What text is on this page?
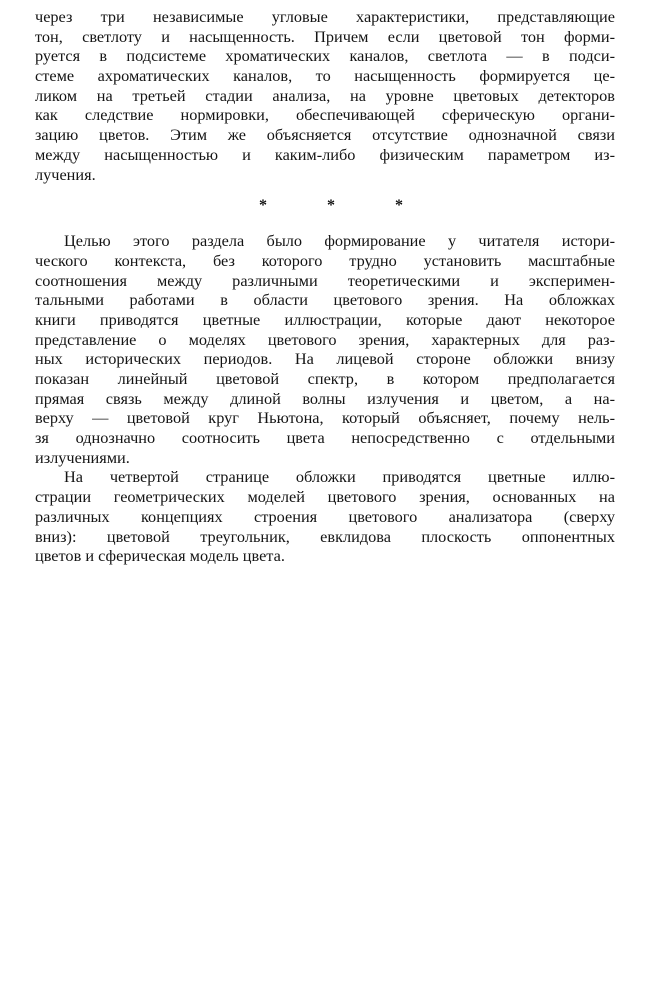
через три независимые угловые характеристики, представляющие
тон, светлоту и насыщенность. Причем если цветовой тон форми-
руется в подсистеме хроматических каналов, светлота — в подси-
стеме ахроматических каналов, то насыщенность формируется це-
ликом на третьей стадии анализа, на уровне цветовых детекторов
как следствие нормировки, обеспечивающей сферическую органи-
зацию цветов. Этим же объясняется отсутствие однозначной связи
между насыщенностью и каким-либо физическим параметром из-
лучения.
* * *
Целью этого раздела было формирование у читателя истори-
ческого контекста, без которого трудно установить масштабные
соотношения между различными теоретическими и эксперимен-
тальными работами в области цветового зрения. На обложках
книги приводятся цветные иллюстрации, которые дают некоторое
представление о моделях цветового зрения, характерных для раз-
ных исторических периодов. На лицевой стороне обложки внизу
показан линейный цветовой спектр, в котором предполагается
прямая связь между длиной волны излучения и цветом, а на-
верху — цветовой круг Ньютона, который объясняет, почему нель-
зя однозначно соотносить цвета непосредственно с отдельными
излучениями.
На четвертой странице обложки приводятся цветные иллю-
страции геометрических моделей цветового зрения, основанных на
различных концепциях строения цветового анализатора (сверху
вниз): цветовой треугольник, евклидова плоскость оппонентных
цветов и сферическая модель цвета.
